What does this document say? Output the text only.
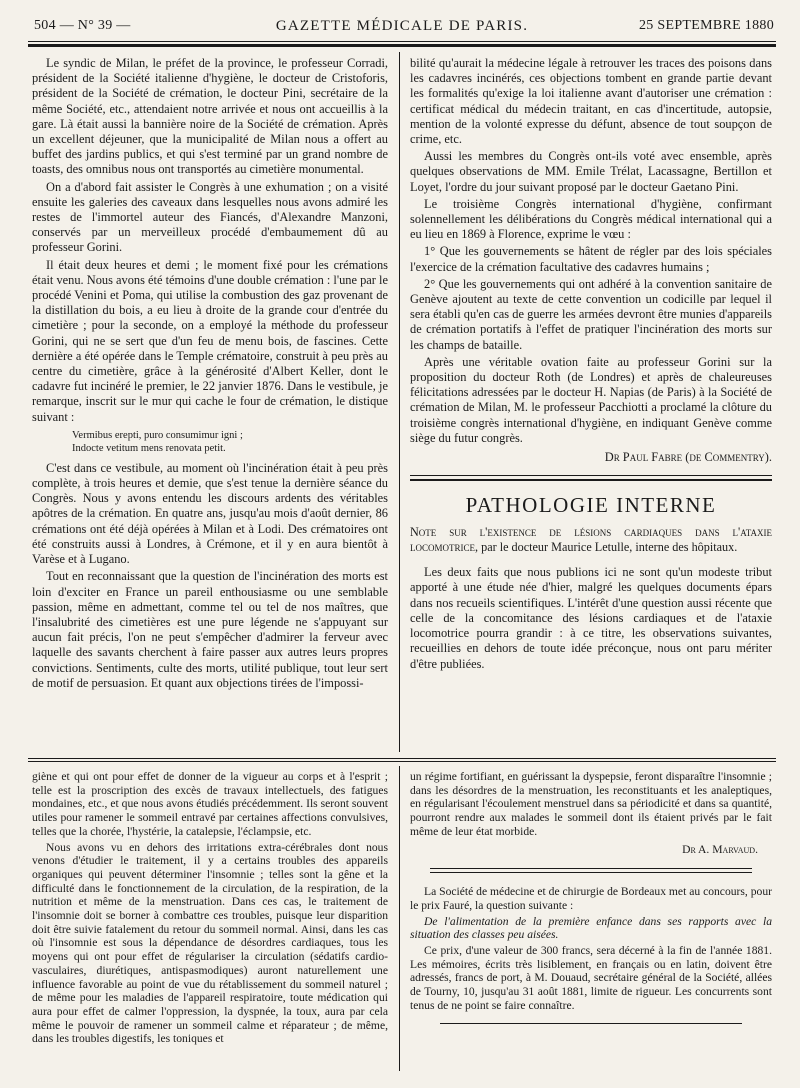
504 — N° 39 —	GAZETTE MÉDICALE DE PARIS.	25 SEPTEMBRE 1880

Le syndic de Milan, le préfet de la province, le professeur Corradi, président de la Société italienne d'hygiène, le docteur de Cristoforis, président de la Société de crémation, le docteur Pini, secrétaire de la même Société, etc., attendaient notre arrivée et nous ont accueillis à la gare. Là était aussi la bannière noire de la Société de crémation. Après un excellent déjeuner, que la municipalité de Milan nous a offert au buffet des jardins publics, et qui s'est terminé par un grand nombre de toasts, des omnibus nous ont transportés au cimetière monumental.

On a d'abord fait assister le Congrès à une exhumation ; on a visité ensuite les galeries des caveaux dans lesquelles nous avons admiré les restes de l'immortel auteur des Fiancés, d'Alexandre Manzoni, conservés par un merveilleux procédé d'embaumement dû au professeur Gorini.

Il était deux heures et demi ; le moment fixé pour les crémations était venu. Nous avons été témoins d'une double crémation : l'une par le procédé Venini et Poma, qui utilise la combustion des gaz provenant de la distillation du bois, a eu lieu à droite de la grande cour d'entrée du cimetière ; pour la seconde, on a employé la méthode du professeur Gorini, qui ne se sert que d'un feu de menu bois, de fascines. Cette dernière a été opérée dans le Temple crématoire, construit à peu près au centre du cimetière, grâce à la générosité d'Albert Keller, dont le cadavre fut incinéré le premier, le 22 janvier 1876. Dans le vestibule, je remarque, inscrit sur le mur qui cache le four de crémation, le distique suivant :

Vermibus erepti, puro consumimur igni ;

Indocte vetitum mens renovata petit.

C'est dans ce vestibule, au moment où l'incinération était à peu près complète, à trois heures et demie, que s'est tenue la dernière séance du Congrès. Nous y avons entendu les discours ardents des véritables apôtres de la crémation. En quatre ans, jusqu'au mois d'août dernier, 86 crémations ont été déjà opérées à Milan et à Lodi. Des crématoires ont été construits aussi à Londres, à Crémone, et il y en aura bientôt à Varèse et à Lugano.

Tout en reconnaissant que la question de l'incinération des morts est loin d'exciter en France un pareil enthousiasme ou une semblable passion, même en admettant, comme tel ou tel de nos maîtres, que l'insalubrité des cimetières est une pure légende ne s'appuyant sur aucun fait précis, l'on ne peut s'empêcher d'admirer la ferveur avec laquelle des savants cherchent à faire passer aux autres leurs propres convictions. Sentiments, culte des morts, utilité publique, tout leur sert de motif de persuasion. Et quant aux objections tirées de l'impossi-

bilité qu'aurait la médecine légale à retrouver les traces des poisons dans les cadavres incinérés, ces objections tombent en grande partie devant les formalités qu'exige la loi italienne avant d'autoriser une crémation : certificat médical du médecin traitant, en cas d'incertitude, autopsie, mention de la volonté expresse du défunt, absence de tout soupçon de crime, etc.

Aussi les membres du Congrès ont-ils voté avec ensemble, après quelques observations de MM. Emile Trélat, Lacassagne, Bertillon et Loyet, l'ordre du jour suivant proposé par le docteur Gaetano Pini.

Le troisième Congrès international d'hygiène, confirmant solennellement les délibérations du Congrès médical international qui a eu lieu en 1869 à Florence, exprime le vœu :

1° Que les gouvernements se hâtent de régler par des lois spéciales l'exercice de la crémation facultative des cadavres humains ;

2° Que les gouvernements qui ont adhéré à la convention sanitaire de Genève ajoutent au texte de cette convention un codicille par lequel il sera établi qu'en cas de guerre les armées devront être munies d'appareils de crémation portatifs à l'effet de pratiquer l'incinération des morts sur les champs de bataille.

Après une véritable ovation faite au professeur Gorini sur la proposition du docteur Roth (de Londres) et après de chaleureuses félicitations adressées par le docteur H. Napias (de Paris) à la Société de crémation de Milan, M. le professeur Pacchiotti a proclamé la clôture du troisième congrès international d'hygiène, en indiquant Genève comme siège du futur congrès.

Dr Paul Fabre (de Commentry).

PATHOLOGIE INTERNE

Note sur l'existence de lésions cardiaques dans l'ataxie locomotrice, par le docteur Maurice Letulle, interne des hôpitaux.

Les deux faits que nous publions ici ne sont qu'un modeste tribut apporté à une étude née d'hier, malgré les quelques documents épars dans nos recueils scientifiques. L'intérêt d'une question aussi récente que celle de la concomitance des lésions cardiaques et de l'ataxie locomotrice pourra grandir : à ce titre, les observations suivantes, recueillies en dehors de toute idée préconçue, nous ont paru mériter d'être publiées.

giène et qui ont pour effet de donner de la vigueur au corps et à l'esprit ; telle est la proscription des excès de travaux intellectuels, des fatigues mondaines, etc., et que nous avons étudiés précédemment. Ils seront souvent utiles pour ramener le sommeil entravé par certaines affections convulsives, telles que la chorée, l'hystérie, la catalepsie, l'éclampsie, etc.

Nous avons vu en dehors des irritations extra-cérébrales dont nous venons d'étudier le traitement, il y a certains troubles des appareils organiques qui peuvent déterminer l'insomnie ; telles sont la gêne et la difficulté dans le fonctionnement de la circulation, de la respiration, de la nutrition et même de la menstruation. Dans ces cas, le traitement de l'insomnie doit se borner à combattre ces troubles, puisque leur disparition doit être suivie fatalement du retour du sommeil normal. Ainsi, dans les cas où l'insomnie est sous la dépendance de désordres cardiaques, tous les moyens qui ont pour effet de régulariser la circulation (sédatifs cardio-vasculaires, diurétiques, antispasmodiques) auront naturellement une influence favorable au point de vue du rétablissement du sommeil naturel ; de même pour les maladies de l'appareil respiratoire, toute médication qui aura pour effet de calmer l'oppression, la dyspnée, la toux, aura par cela même le pouvoir de ramener un sommeil calme et réparateur ; de même, dans les troubles digestifs, les toniques et

un régime fortifiant, en guérissant la dyspepsie, feront disparaître l'insomnie ; dans les désordres de la menstruation, les reconstituants et les analeptiques, en régularisant l'écoulement menstruel dans sa périodicité et dans sa quantité, pourront rendre aux malades le sommeil dont ils étaient privés par le fait même de leur état morbide.

Dr A. Marvaud.

La Société de médecine et de chirurgie de Bordeaux met au concours, pour le prix Fauré, la question suivante :

De l'alimentation de la première enfance dans ses rapports avec la situation des classes peu aisées.

Ce prix, d'une valeur de 300 francs, sera décerné à la fin de l'année 1881. Les mémoires, écrits très lisiblement, en français ou en latin, doivent être adressés, francs de port, à M. Douaud, secrétaire général de la Société, allées de Tourny, 10, jusqu'au 31 août 1881, limite de rigueur. Les concurrents sont tenus de ne point se faire connaître.
